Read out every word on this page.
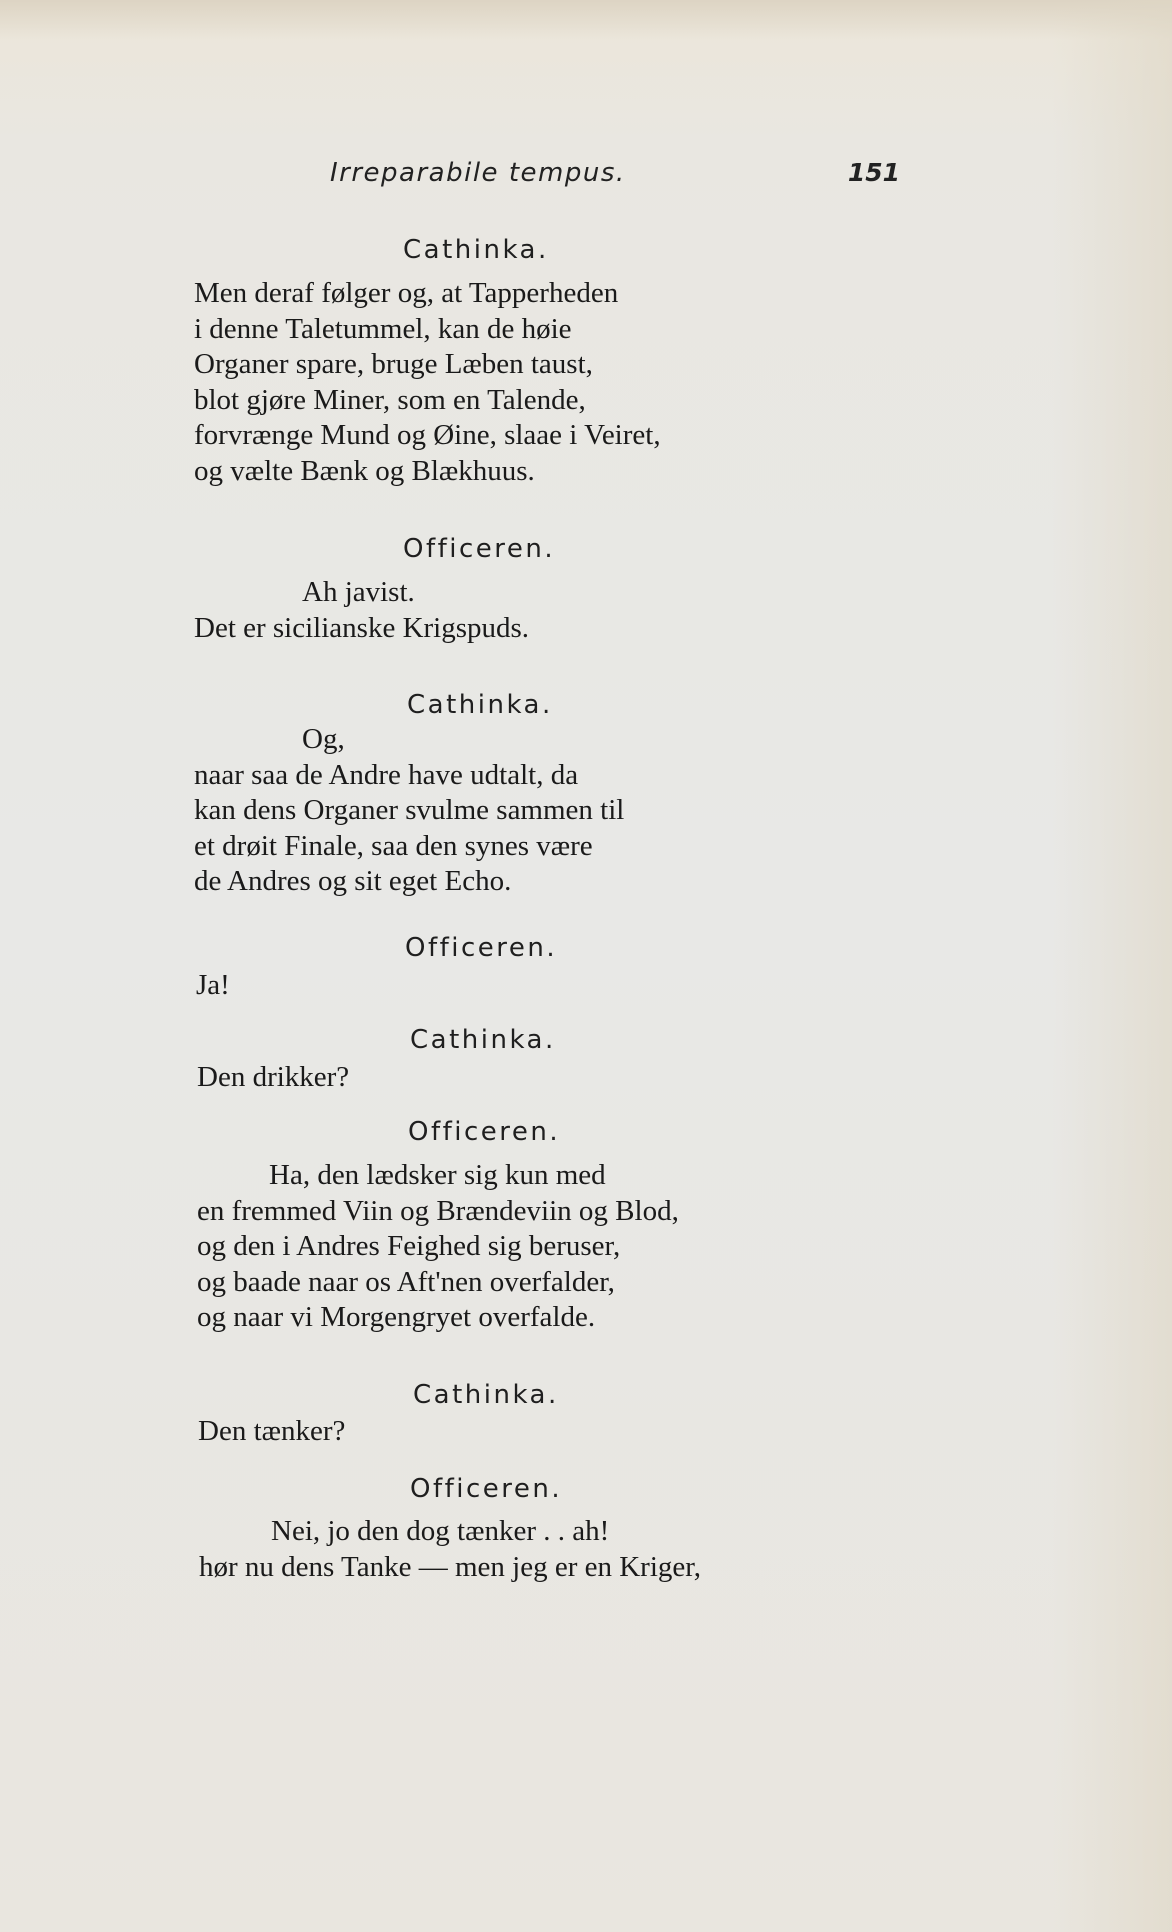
Irreparabile tempus.	151
Cathinka.
Men deraf følger og, at Tapperheden
i denne Taletummel, kan de høie
Organer spare, bruge Læben taust,
blot gjøre Miner, som en Talende,
forvrænge Mund og Øine, slaae i Veiret,
og vælte Bænk og Blækhuus.
Officeren.
Ah javist.
Det er sicilianske Krigspuds.
Cathinka.
Og,
naar saa de Andre have udtalt, da
kan dens Organer svulme sammen til
et drøit Finale, saa den synes være
de Andres og sit eget Echo.
Officeren.
Ja!
Cathinka.
Den drikker?
Officeren.
Ha, den lædsker sig kun med
en fremmed Viin og Brændeviin og Blod,
og den i Andres Feighed sig beruser,
og baade naar os Aft'nen overfalder,
og naar vi Morgengryet overfalde.
Cathinka.
Den tænker?
Officeren.
Nei, jo den dog tænker . . ah!
hør nu dens Tanke — men jeg er en Kriger,
